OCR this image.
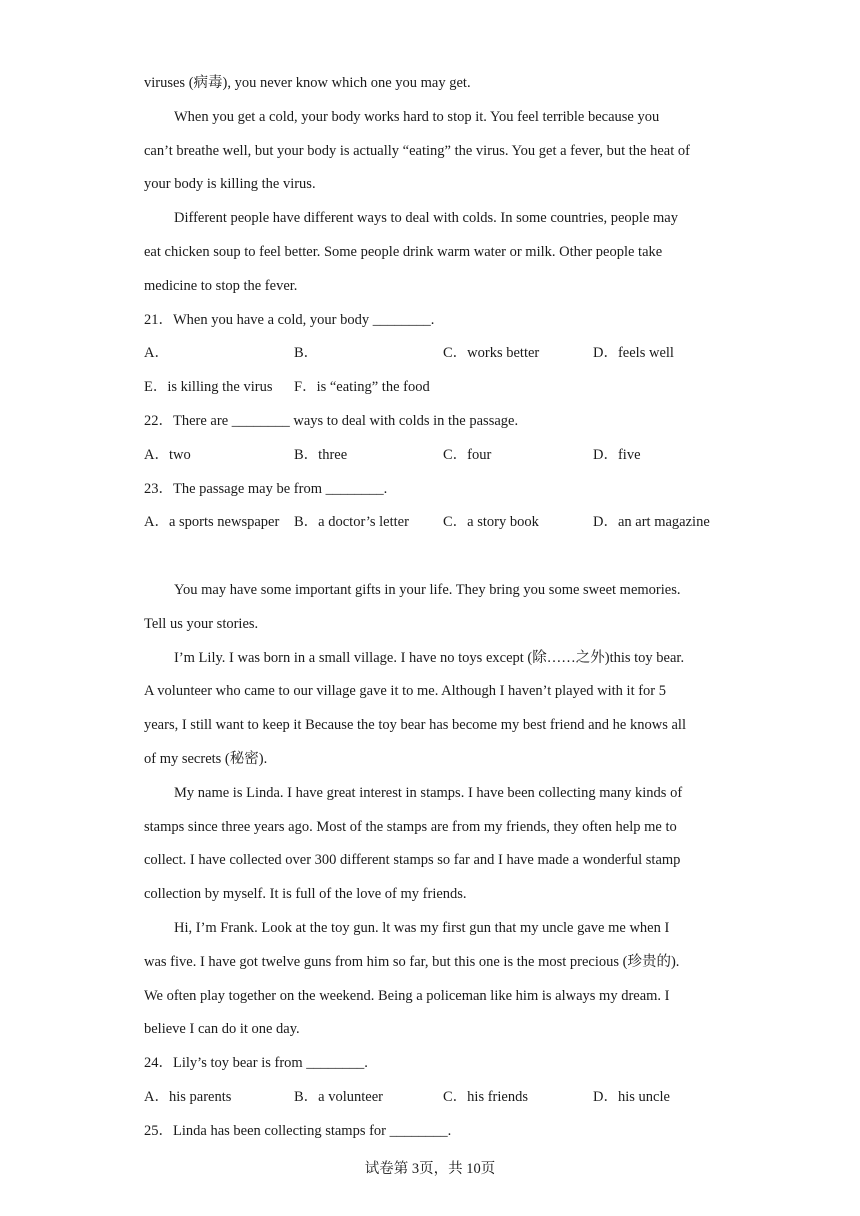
viruses (病毒), you never know which one you may get.
When you get a cold, your body works hard to stop it. You feel terrible because you
can’t breathe well, but your body is actually “eating” the virus. You get a fever, but the heat of
your body is killing the virus.
Different people have different ways to deal with colds. In some countries, people may
eat chicken soup to feel better. Some people drink warm water or milk. Other people take
medicine to stop the fever.
21．When you have a cold, your body ________.
A．	B．	C．works better	D．feels well
E．is killing the virus F．is “eating” the food
22．There are ________ ways to deal with colds in the passage.
A．two	B．three	C．four	D．five
23．The passage may be from ________.
A．a sports newspaper B．a doctor’s letter C．a story book	D．an art magazine
You may have some important gifts in your life. They bring you some sweet memories.
Tell us your stories.
I’m Lily. I was born in a small village. I have no toys except (除……之外)this toy bear.
A volunteer who came to our village gave it to me. Although I haven’t played with it for 5
years, I still want to keep it Because the toy bear has become my best friend and he knows all
of my secrets (秘密).
My name is Linda. I have great interest in stamps. I have been collecting many kinds of
stamps since three years ago. Most of the stamps are from my friends, they often help me to
collect. I have collected over 300 different stamps so far and I have made a wonderful stamp
collection by myself. It is full of the love of my friends.
Hi, I’m Frank. Look at the toy gun. lt was my first gun that my uncle gave me when I
was five. I have got twelve guns from him so far, but this one is the most precious (珍贵的).
We often play together on the weekend. Being a policeman like him is always my dream. I
believe I can do it one day.
24．Lily’s toy bear is from ________.
A．his parents	B．a volunteer	C．his friends	D．his uncle
25．Linda has been collecting stamps for ________.
试卷第 3页，共 10页
